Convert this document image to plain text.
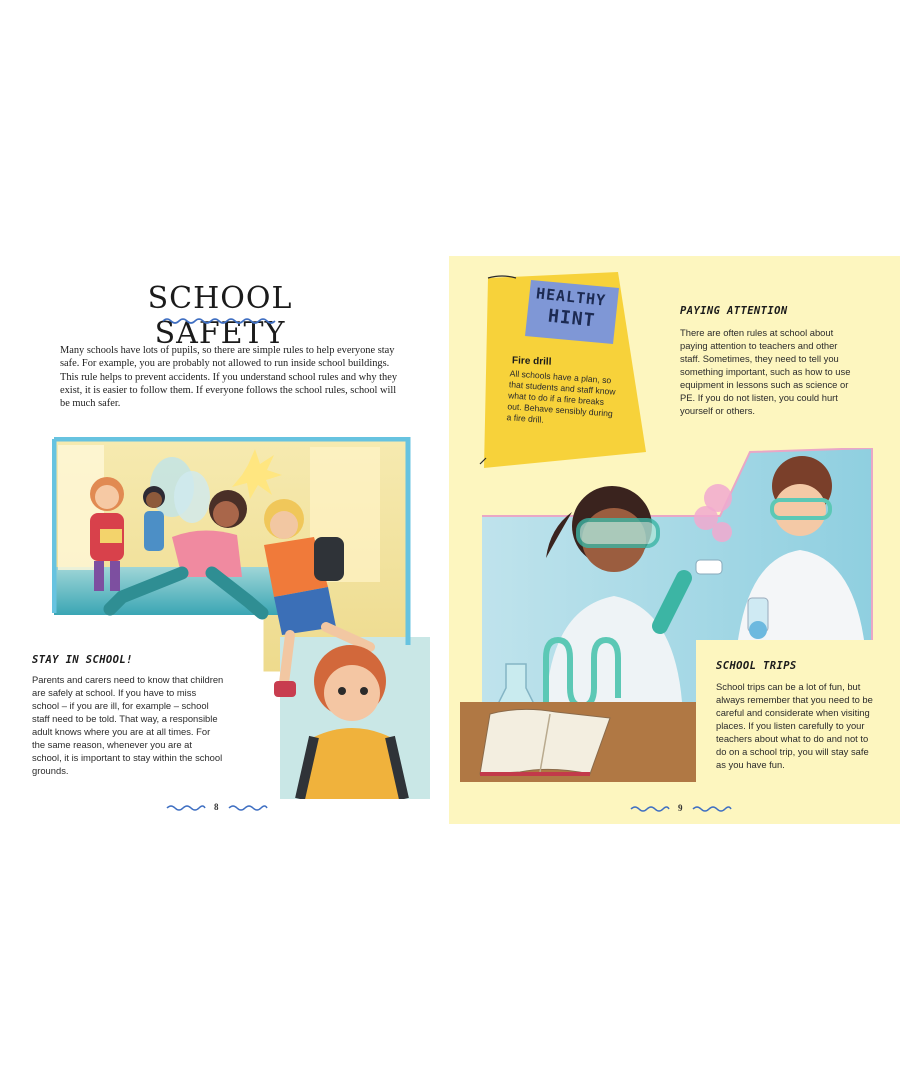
SCHOOL SAFETY
Many schools have lots of pupils, so there are simple rules to help everyone stay safe. For example, you are probably not allowed to run inside school buildings. This rule helps to prevent accidents. If you understand school rules and why they exist, it is easier to follow them. If everyone follows the school rules, school will be much safer.
STAY IN SCHOOL!
Parents and carers need to know that children are safely at school. If you have to miss school – if you are ill, for example – school staff need to be told. That way, a responsible adult knows where you are at all times. For the same reason, whenever you are at school, it is important to stay within the school grounds.
8
HEALTHY
HINT
Fire drill
All schools have a plan, so that students and staff know what to do if a fire breaks out. Behave sensibly during a fire drill.
PAYING ATTENTION
There are often rules at school about paying attention to teachers and other staff. Sometimes, they need to tell you something important, such as how to use equipment in lessons such as science or PE. If you do not listen, you could hurt yourself or others.
SCHOOL TRIPS
School trips can be a lot of fun, but always remember that you need to be careful and considerate when visiting places. If you listen carefully to your teachers about what to do and not to do on a school trip, you will stay safe as you have fun.
9
